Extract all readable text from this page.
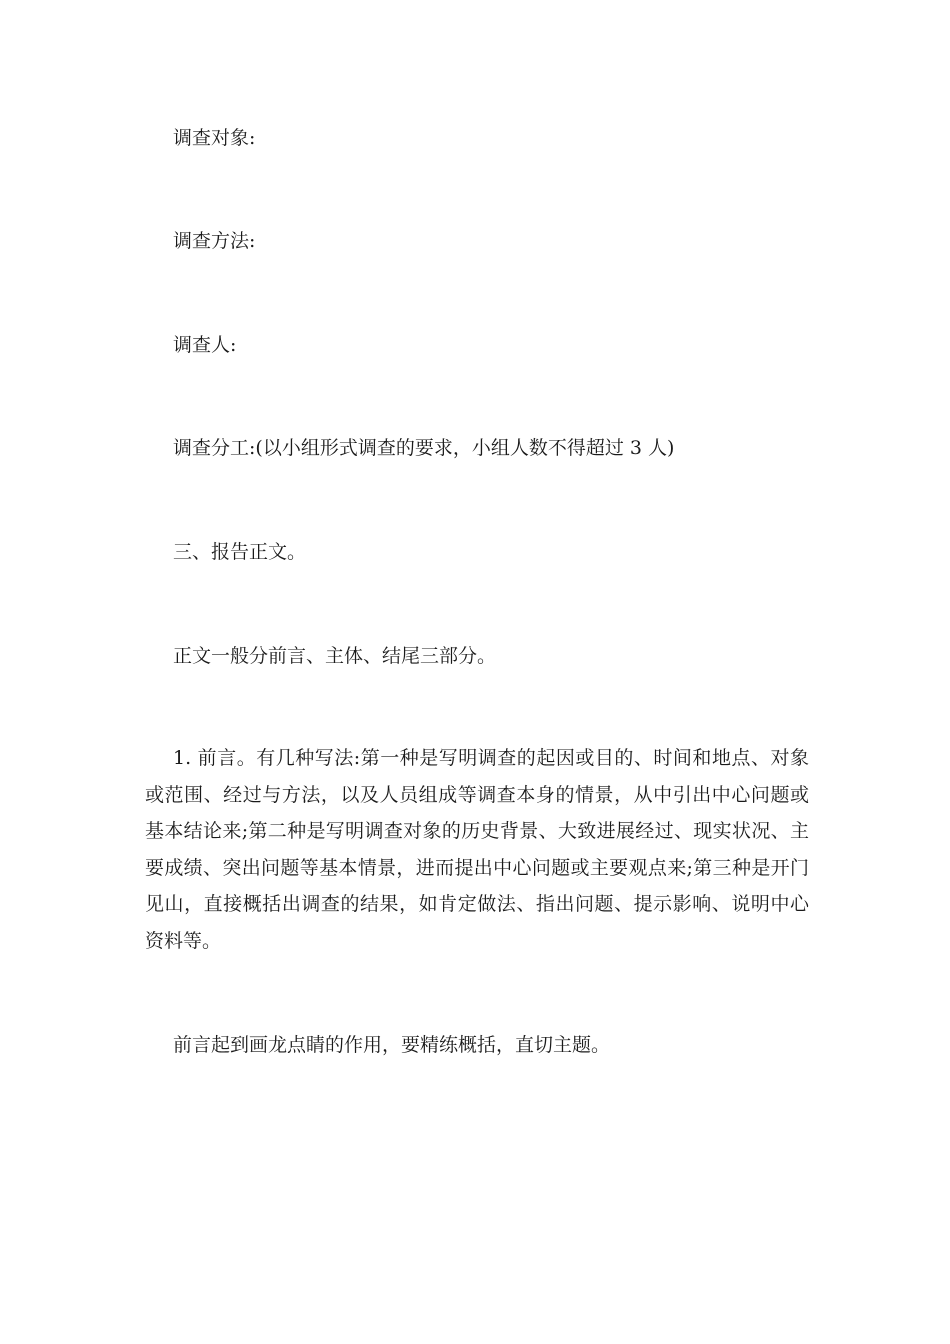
调查对象:

调查方法:

调查人:

调查分工:(以小组形式调查的要求，小组人数不得超过 3 人)

三、报告正文。

正文一般分前言、主体、结尾三部分。

1. 前言。有几种写法:第一种是写明调查的起因或目的、时间和地点、对象或范围、经过与方法，以及人员组成等调查本身的情景，从中引出中心问题或基本结论来;第二种是写明调查对象的历史背景、大致进展经过、现实状况、主要成绩、突出问题等基本情景，进而提出中心问题或主要观点来;第三种是开门见山，直接概括出调查的结果，如肯定做法、指出问题、提示影响、说明中心资料等。

前言起到画龙点睛的作用，要精练概括，直切主题。
